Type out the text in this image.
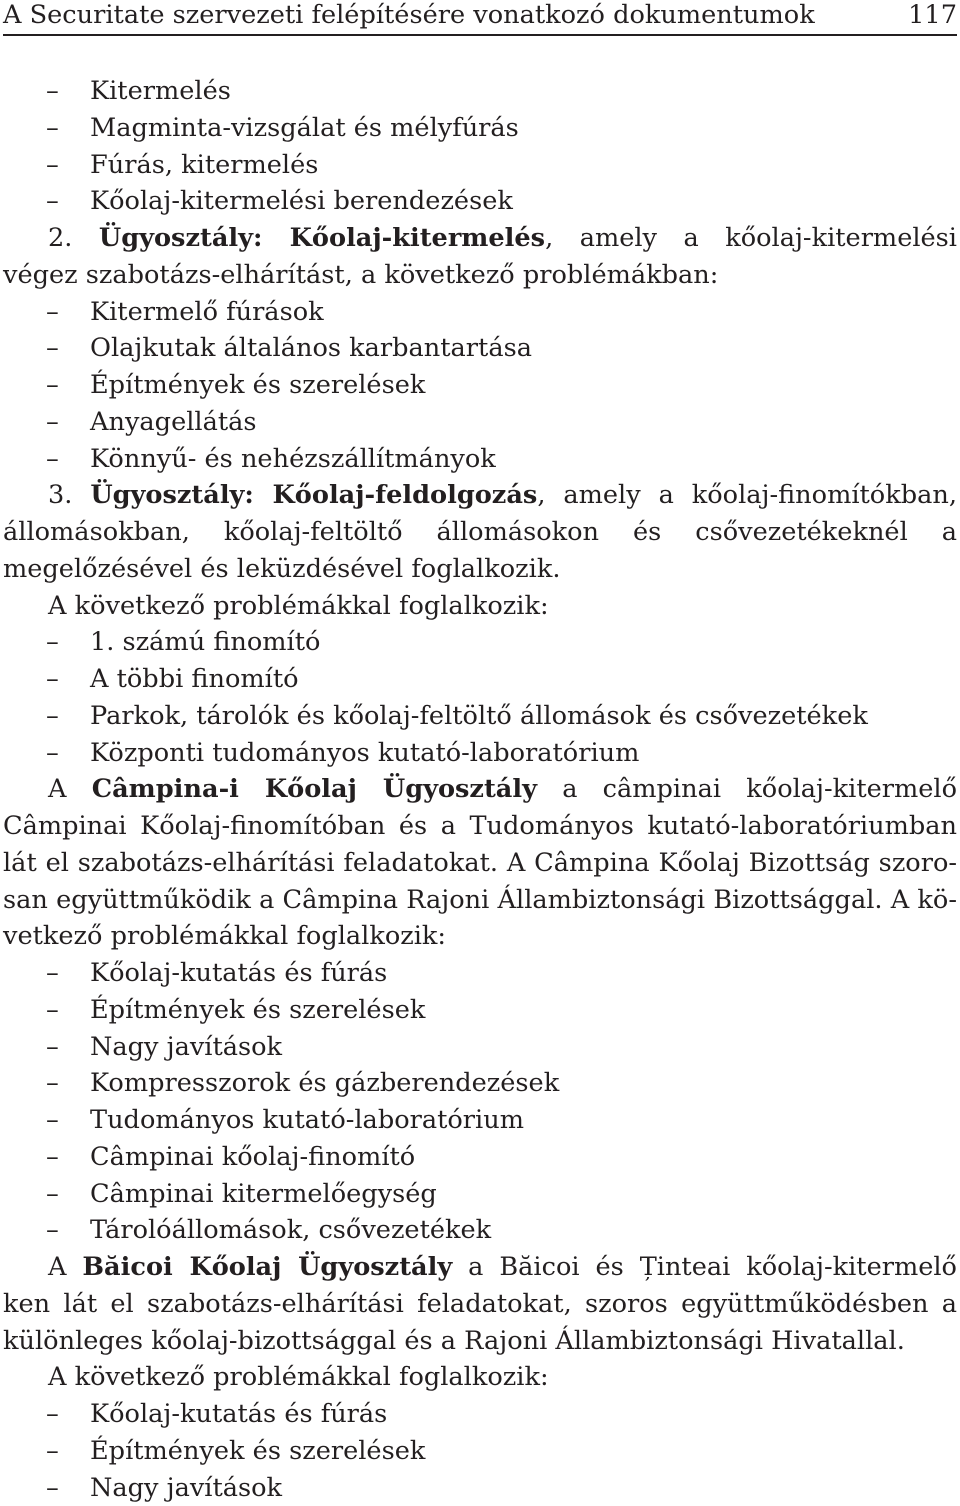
A Securitate szervezeti felépítésére vonatkozó dokumentumok	117
– Kitermelés
– Magminta-vizsgálat és mélyfúrás
– Fúrás, kitermelés
– Kőolaj-kitermelési berendezések
2. Ügyosztály: Kőolaj-kitermelés, amely a kőolaj-kitermelési
végez szabotázs-elhárítást, a következő problémákban:
– Kitermelő fúrások
– Olajkutak általános karbantartása
– Építmények és szerelések
– Anyagellátás
– Könnyű- és nehézszállítmányok
3. Ügyosztály: Kőolaj-feldolgozás, amely a kőolaj-finomítókban,
állomásokban, kőolaj-feltöltő állomásokon és csővezetékeknél a
megelőzésével és leküzdésével foglalkozik.
A következő problémákkal foglalkozik:
– 1. számú finomító
– A többi finomító
– Parkok, tárolók és kőolaj-feltöltő állomások és csővezetékek
– Központi tudományos kutató-laboratórium
A Câmpina-i Kőolaj Ügyosztály a câmpinai kőolaj-kitermelő
Câmpinai Kőolaj-finomítóban és a Tudományos kutató-laboratóriumban
lát el szabotázs-elhárítási feladatokat. A Câmpina Kőolaj Bizottság szoro-
san együttműködik a Câmpina Rajoni Állambiztonsági Bizottsággal. A kö-
vetkező problémákkal foglalkozik:
– Kőolaj-kutatás és fúrás
– Építmények és szerelések
– Nagy javítások
– Kompresszorok és gázberendezések
– Tudományos kutató-laboratórium
– Câmpinai kőolaj-finomító
– Câmpinai kitermelőegység
– Tárolóállomások, csővezetékek
A Băicoi Kőolaj Ügyosztály a Băicoi és Ținteai kőolaj-kitermelő
ken lát el szabotázs-elhárítási feladatokat, szoros együttműködésben a
különleges kőolaj-bizottsággal és a Rajoni Állambiztonsági Hivatallal.
A következő problémákkal foglalkozik:
– Kőolaj-kutatás és fúrás
– Építmények és szerelések
– Nagy javítások
